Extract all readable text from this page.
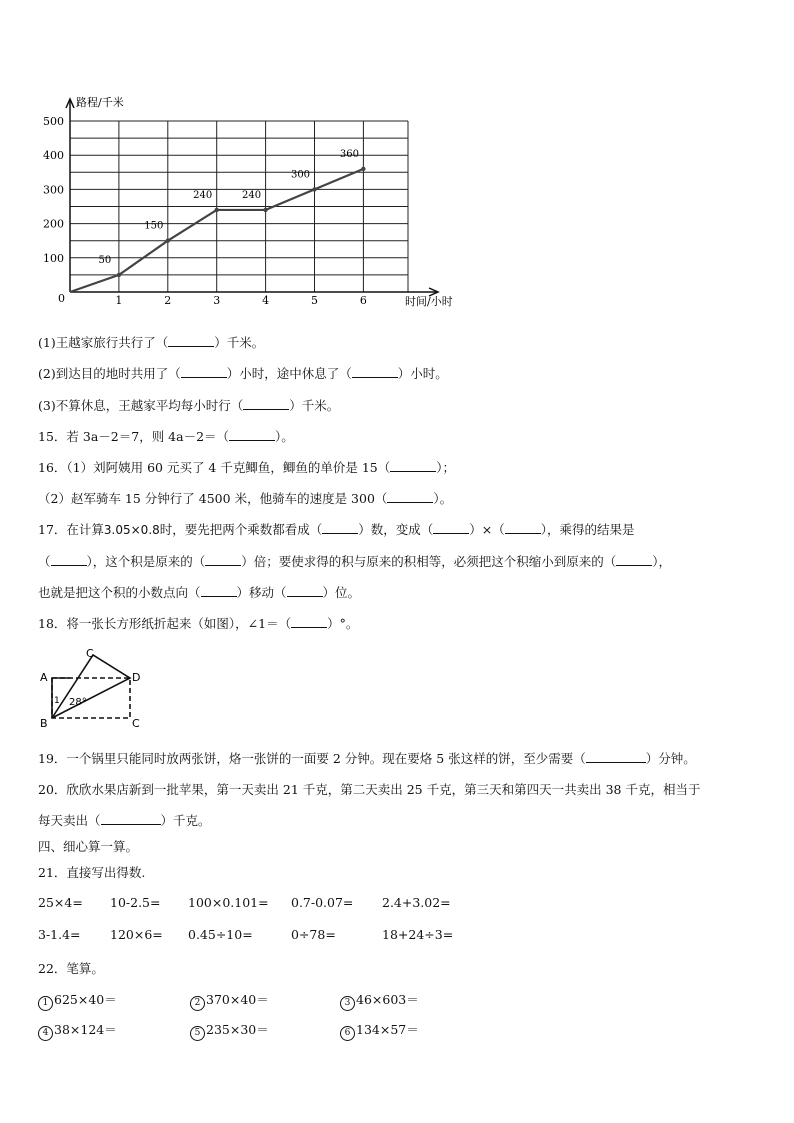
1	2	3	4	5	6
100
200
300
400
500
路程/千米
时间/小时
0
50
150
240	240
300
360
(1)王越家旅行共行了（	）千米。
(2)到达目的地时共用了（	）小时，途中休息了（	）小时。
(3)不算休息，王越家平均每小时行（	）千米。
15．若 3a－2＝7，则 4a－2＝（	）。
16．（1）刘阿姨用 60 元买了 4 千克鲫鱼，鲫鱼的单价是 15（	）；
（2）赵军骑车 15 分钟行了 4500 米，他骑车的速度是 300（	）。
17．在计算3.05×0.8时，要先把两个乘数都看成（	）数，变成（	）×（	），乘得的结果是
（	），这个积是原来的（	）倍；要使求得的积与原来的积相等，必须把这个积缩小到原来的（	），
也就是把这个积的小数点向（	）移动（	）位。
18．将一张长方形纸折起来（如图），∠1＝（	）°。
A
B
C
D
C
1 28°
19．一个锅里只能同时放两张饼，烙一张饼的一面要 2 分钟。现在要烙 5 张这样的饼，至少需要（	）分钟。
20．欣欣水果店新到一批苹果，第一天卖出 21 千克，第二天卖出 25 千克，第三天和第四天一共卖出 38 千克，相当于
每天卖出（	）千克。
四、细心算一算。
21．直接写出得数.
25×4= 10-2.5= 100×0.101= 0.7-0.07= 2.4+3.02=
3-1.4= 120×6= 0.45÷10=	0÷78=	18+24÷3=
22．笔算。
1 625×40＝	2 370×40＝	3 46×603＝
4 38×124＝	5 235×30＝	6 134×57＝
